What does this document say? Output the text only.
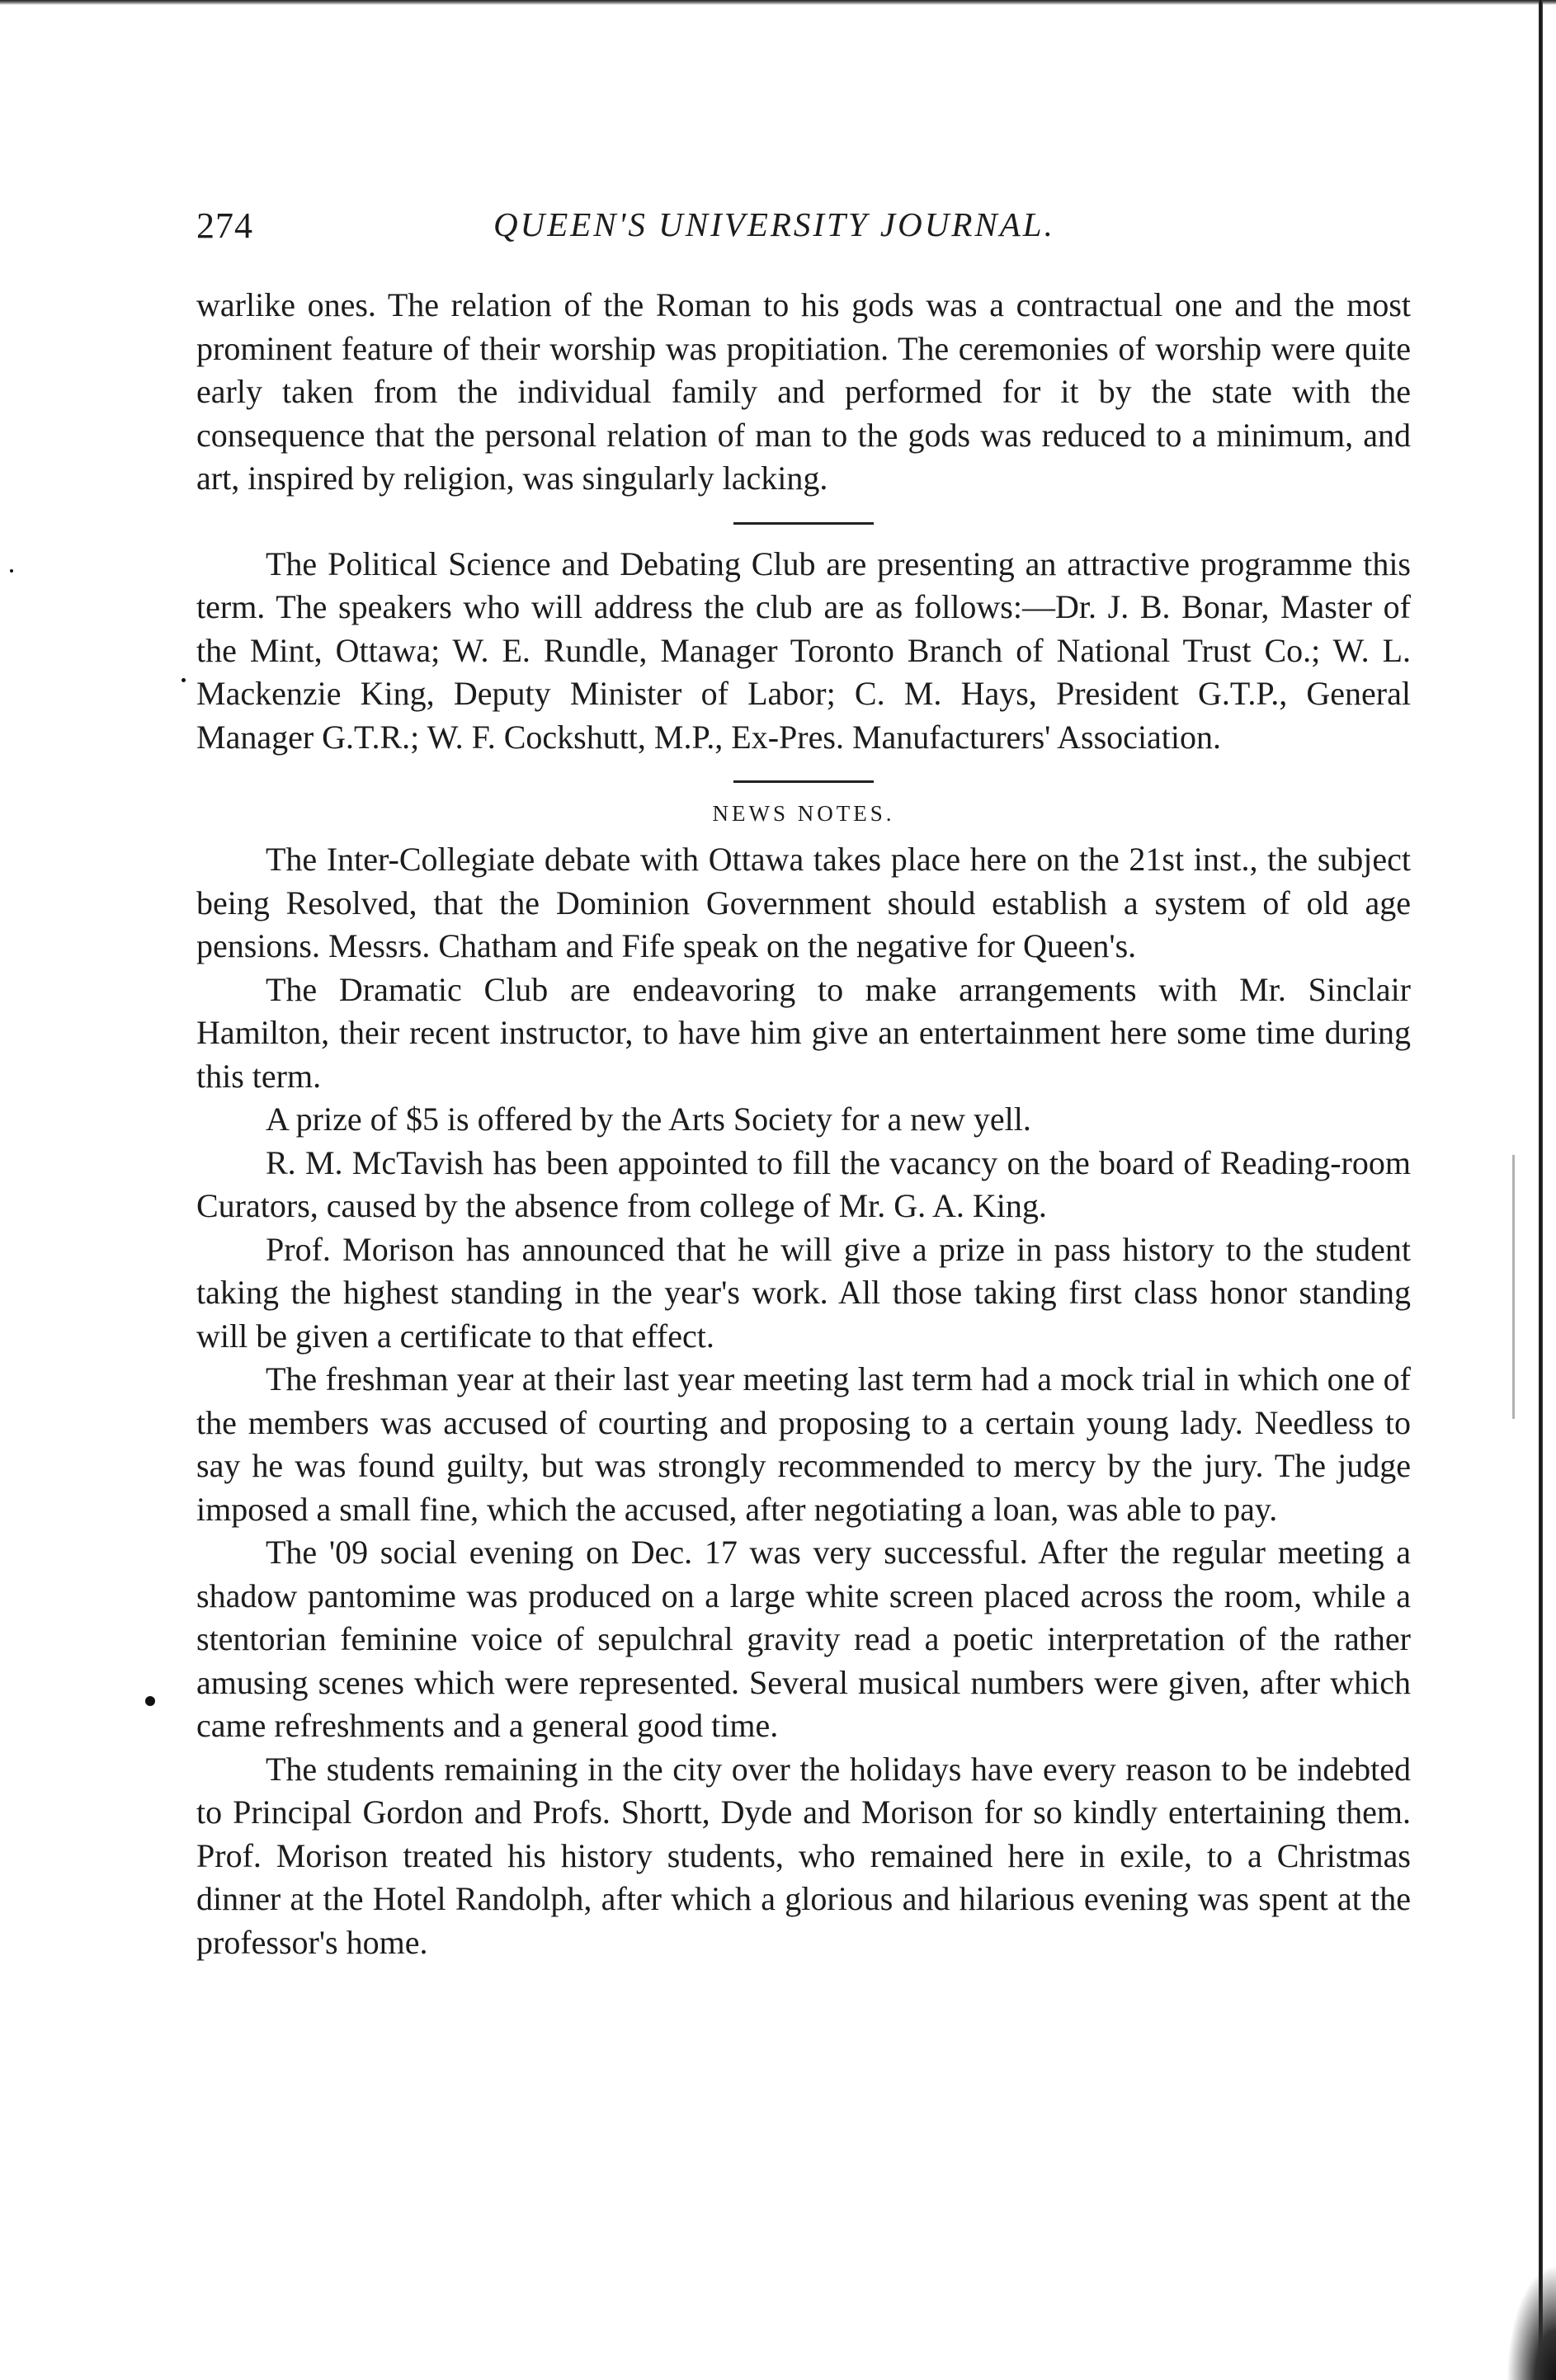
274	QUEEN'S UNIVERSITY JOURNAL.

warlike ones. The relation of the Roman to his gods was a contractual one and the most prominent feature of their worship was propitiation. The ceremonies of worship were quite early taken from the individual family and performed for it by the state with the consequence that the personal relation of man to the gods was reduced to a minimum, and art, inspired by religion, was singularly lacking.

The Political Science and Debating Club are presenting an attractive programme this term. The speakers who will address the club are as follows:—Dr. J. B. Bonar, Master of the Mint, Ottawa; W. E. Rundle, Manager Toronto Branch of National Trust Co.; W. L. Mackenzie King, Deputy Minister of Labor; C. M. Hays, President G.T.P., General Manager G.T.R.; W. F. Cockshutt, M.P., Ex-Pres. Manufacturers' Association.

NEWS NOTES.

The Inter-Collegiate debate with Ottawa takes place here on the 21st inst., the subject being Resolved, that the Dominion Government should establish a system of old age pensions. Messrs. Chatham and Fife speak on the negative for Queen's.

The Dramatic Club are endeavoring to make arrangements with Mr. Sinclair Hamilton, their recent instructor, to have him give an entertainment here some time during this term.

A prize of $5 is offered by the Arts Society for a new yell.

R. M. McTavish has been appointed to fill the vacancy on the board of Reading-room Curators, caused by the absence from college of Mr. G. A. King.

Prof. Morison has announced that he will give a prize in pass history to the student taking the highest standing in the year's work. All those taking first class honor standing will be given a certificate to that effect.

The freshman year at their last year meeting last term had a mock trial in which one of the members was accused of courting and proposing to a certain young lady. Needless to say he was found guilty, but was strongly recommended to mercy by the jury. The judge imposed a small fine, which the accused, after negotiating a loan, was able to pay.

The '09 social evening on Dec. 17 was very successful. After the regular meeting a shadow pantomime was produced on a large white screen placed across the room, while a stentorian feminine voice of sepulchral gravity read a poetic interpretation of the rather amusing scenes which were represented. Several musical numbers were given, after which came refreshments and a general good time.

The students remaining in the city over the holidays have every reason to be indebted to Principal Gordon and Profs. Shortt, Dyde and Morison for so kindly entertaining them. Prof. Morison treated his history students, who remained here in exile, to a Christmas dinner at the Hotel Randolph, after which a glorious and hilarious evening was spent at the professor's home.
